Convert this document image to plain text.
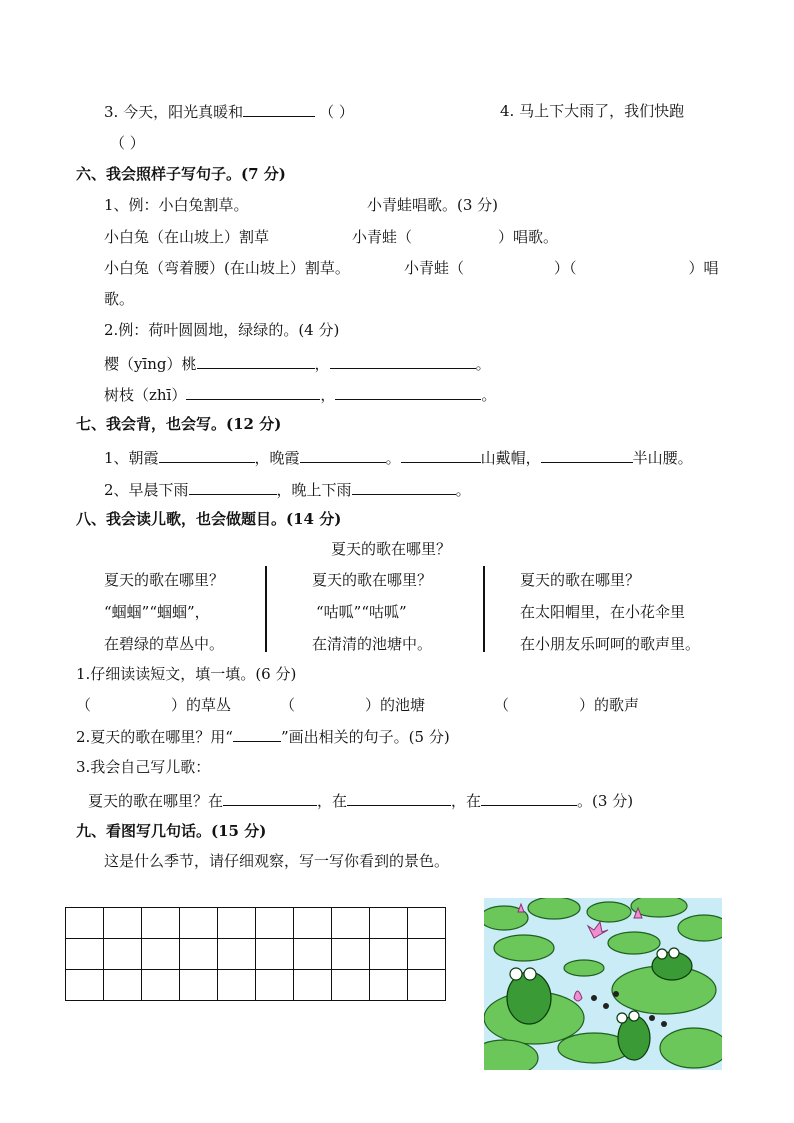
3. 今天，阳光真暖和	（ ）	4. 马上下大雨了，我们快跑
（ ）
六、我会照样子写句子。(7 分)
1、例：小白兔割草。	小青蛙唱歌。(3 分)
小白兔（在山坡上）割草	小青蛙（	）唱歌。
小白兔（弯着腰）(在山坡上）割草。	小青蛙（	）（	）唱
歌。
2.例：荷叶圆圆地，绿绿的。(4 分)
樱（yīng）桃	，	。
树枝（zhī）	，	。
七、我会背，也会写。(12 分)
1、朝霞	，晚霞	。	山戴帽，	半山腰。
2、早晨下雨	，晚上下雨	。
八、我会读儿歌，也会做题目。(14 分)
夏天的歌在哪里？
夏天的歌在哪里？
“蝈蝈”“蝈蝈”，
在碧绿的草丛中。
夏天的歌在哪里？
“咕呱”“咕呱”
在清清的池塘中。
夏天的歌在哪里？
在太阳帽里，在小花伞里
在小朋友乐呵呵的歌声里。
1.仔细读读短文，填一填。(6 分)
（	）的草丛	（	）的池塘	（	）的歌声
2.夏天的歌在哪里？用“	”画出相关的句子。(5 分)
3.我会自己写儿歌：
夏天的歌在哪里？在	，在	，在	。(3 分)
九、看图写几句话。(15 分)
这是什么季节，请仔细观察，写一写你看到的景色。
